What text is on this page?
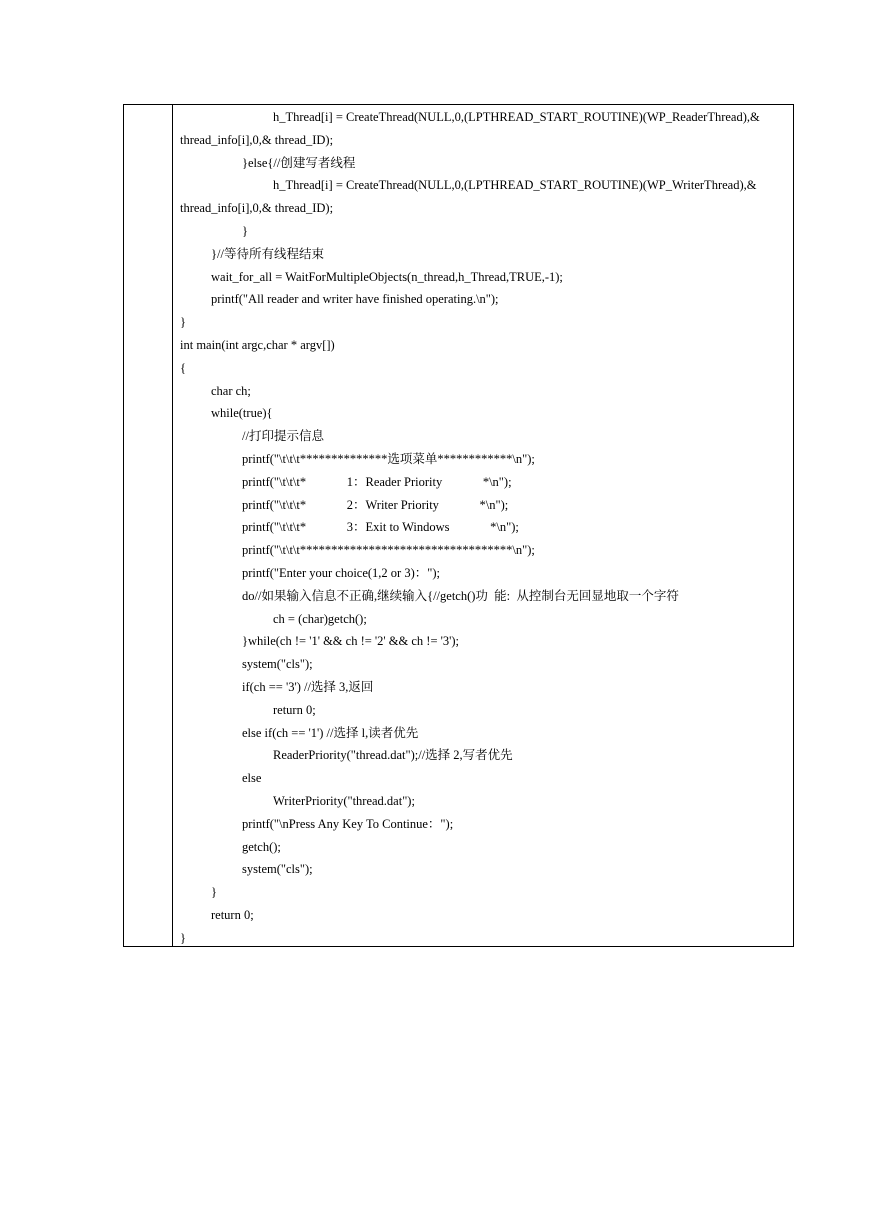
h_Thread[i] = CreateThread(NULL,0,(LPTHREAD_START_ROUTINE)(WP_ReaderThread),&
thread_info[i],0,& thread_ID);
}else{//创建写者线程
h_Thread[i] = CreateThread(NULL,0,(LPTHREAD_START_ROUTINE)(WP_WriterThread),&
thread_info[i],0,& thread_ID);
}
}//等待所有线程结束
wait_for_all = WaitForMultipleObjects(n_thread,h_Thread,TRUE,-1);
printf("All reader and writer have finished operating.\n");
}
int main(int argc,char * argv[])
{
char ch;
while(true){
//打印提示信息
printf("\t\t\t**************选项菜单************\n");
printf("\t\t\t*             1：Reader Priority             *\n");
printf("\t\t\t*             2：Writer Priority             *\n");
printf("\t\t\t*             3：Exit to Windows             *\n");
printf("\t\t\t**********************************\n");
printf("Enter your choice(1,2 or 3)：");
do//如果输入信息不正确,继续输入{//getch()功  能:  从控制台无回显地取一个字符
ch = (char)getch();
}while(ch != '1' && ch != '2' && ch != '3');
system("cls");
if(ch == '3') //选择 3,返回
return 0;
else if(ch == '1') //选择 l,读者优先
ReaderPriority("thread.dat");//选择 2,写者优先
else
WriterPriority("thread.dat");
printf("\nPress Any Key To Continue：");
getch();
system("cls");
}
return 0;
}
